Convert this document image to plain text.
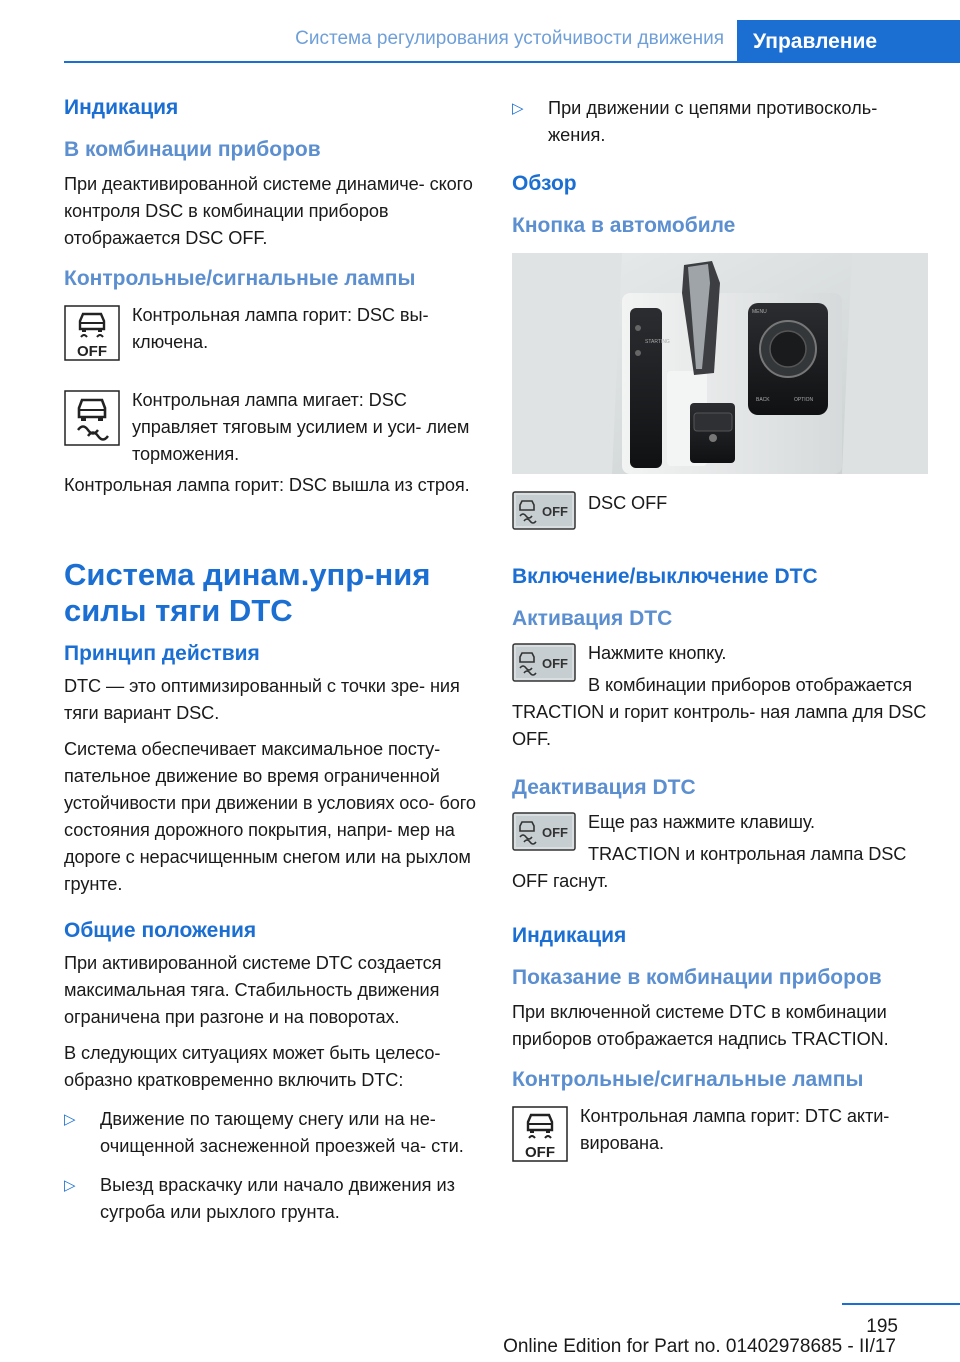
Система регулирования устойчивости движения	Управление
Индикация
В комбинации приборов
При деактивированной системе динамиче‐ ского контроля DSC в комбинации приборов отображается DSC OFF.
Контрольные/сигнальные лампы
OFF
Контрольная лампа горит: DSC вы‐ ключена.
Контрольная лампа мигает: DSC управляет тяговым усилием и уси‐ лием торможения.
Контрольная лампа горит: DSC вышла из строя.
Система динам.упр-ния силы тяги DTC
Принцип действия
DTC — это оптимизированный с точки зре‐ ния тяги вариант DSC.
Система обеспечивает максимальное посту‐ пательное движение во время ограниченной устойчивости при движении в условиях осо‐ бого состояния дорожного покрытия, напри‐ мер на дороге с нерасчищенным снегом или на рыхлом грунте.
Общие положения
При активированной системе DTC создается максимальная тяга. Стабильность движения ограничена при разгоне и на поворотах.
В следующих ситуациях может быть целесо‐ образно кратковременно включить DTC:
▷ Движение по тающему снегу или на не‐ очищенной заснеженной проезжей ча‐ сти.
▷ Выезд враскачку или начало движения из сугроба или рыхлого грунта.
▷ При движении с цепями противосколь‐ жения.
Обзор
Кнопка в автомобиле
STARTING
MENU
BACK	OPTION
OFF	DSC OFF
Включение/выключение DTC
Активация DTC
OFF
Нажмите кнопку.
В комбинации приборов отображается TRACTION и горит контроль‐ ная лампа для DSC OFF.
Деактивация DTC
OFF
Еще раз нажмите клавишу.
TRACTION и контрольная лампа DSC OFF гаснут.
Индикация
Показание в комбинации приборов
При включенной системе DTC в комбинации приборов отображается надпись TRACTION.
Контрольные/сигнальные лампы
OFF
Контрольная лампа горит: DTC акти‐ вирована.
195
Online Edition for Part no. 01402978685 - II/17
